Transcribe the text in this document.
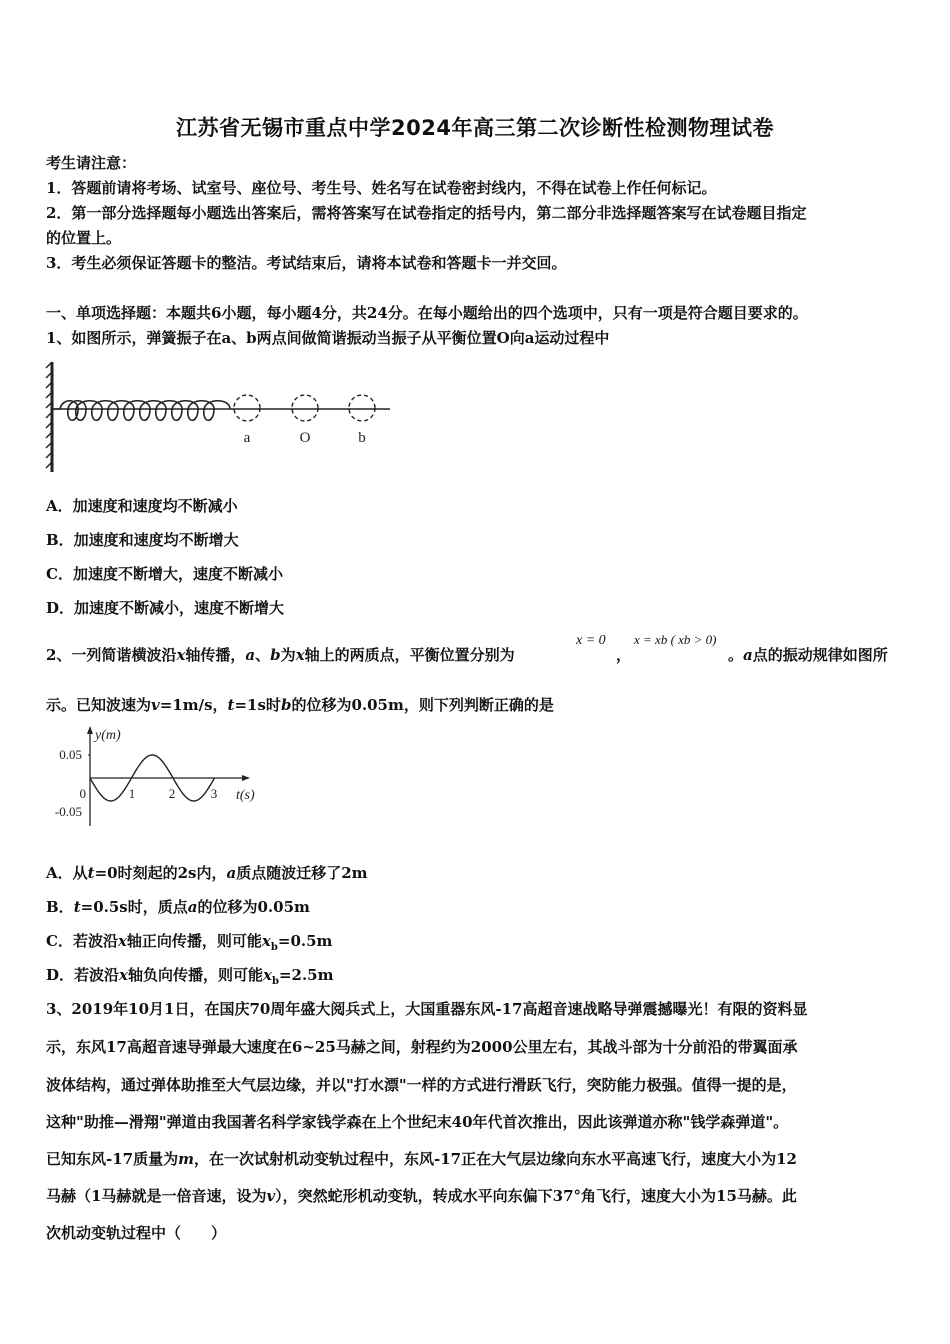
江苏省无锡市重点中学2024年高三第二次诊断性检测物理试卷
考生请注意：
1．答题前请将考场、试室号、座位号、考生号、姓名写在试卷密封线内，不得在试卷上作任何标记。
2．第一部分选择题每小题选出答案后，需将答案写在试卷指定的括号内，第二部分非选择题答案写在试卷题目指定
的位置上。
3．考生必须保证答题卡的整洁。考试结束后，请将本试卷和答题卡一并交回。
一、单项选择题：本题共6小题，每小题4分，共24分。在每小题给出的四个选项中，只有一项是符合题目要求的。
1、如图所示，弹簧振子在a、b两点间做简谐振动当振子从平衡位置O向a运动过程中
a	O	b
A．加速度和速度均不断减小
B．加速度和速度均不断增大
C．加速度不断增大，速度不断减小
D．加速度不断减小，速度不断增大
2、一列简谐横波沿x轴传播，a、b为x轴上的两质点，平衡位置分别为
x = 0
，
x = xb ( xb > 0)
。a点的振动规律如图所
示。已知波速为v=1m/s，t=1s时b的位移为0.05m，则下列判断正确的是
y(m)
t(s)
0.05
-0.05
0	1	2	3
A．从t=0时刻起的2s内，a质点随波迁移了2m
B．t=0.5s时，质点a的位移为0.05m
C．若波沿x轴正向传播，则可能$x_b=0.5m$
D．若波沿x轴负向传播，则可能$x_b=2.5m$
3、2019年10月1日，在国庆70周年盛大阅兵式上，大国重器东风-17高超音速战略导弹震撼曝光！有限的资料显
示，东风17高超音速导弹最大速度在6~25马赫之间，射程约为2000公里左右，其战斗部为十分前沿的带翼面承
波体结构，通过弹体助推至大气层边缘，并以"打水漂"一样的方式进行滑跃飞行，突防能力极强。值得一提的是，
这种"助推—滑翔"弹道由我国著名科学家钱学森在上个世纪末40年代首次推出，因此该弹道亦称"钱学森弹道"。
已知东风-17质量为m，在一次试射机动变轨过程中，东风-17正在大气层边缘向东水平高速飞行，速度大小为12
马赫（1马赫就是一倍音速，设为v），突然蛇形机动变轨，转成水平向东偏下37°角飞行，速度大小为15马赫。此
次机动变轨过程中（　　）
